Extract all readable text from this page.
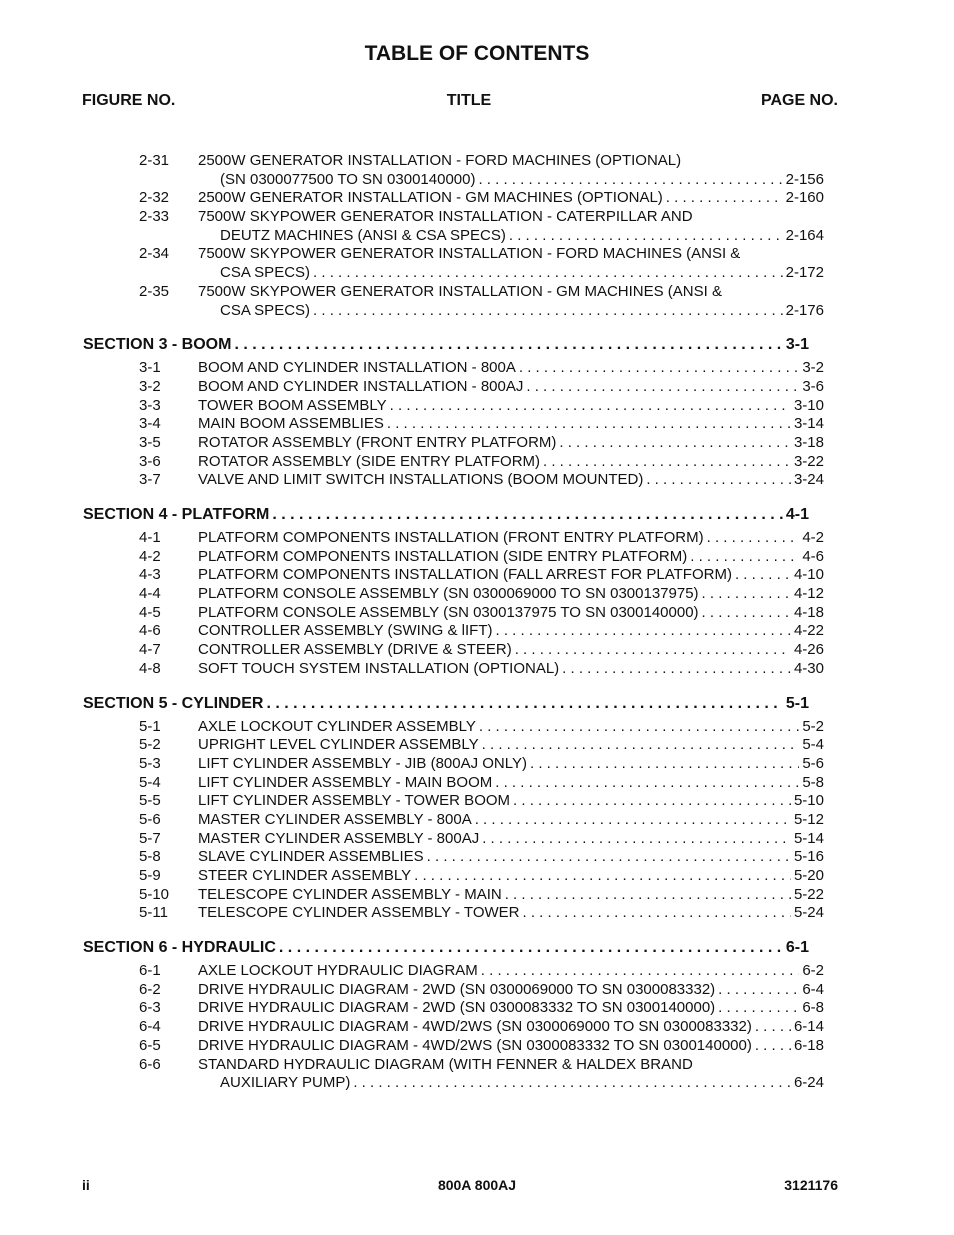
TABLE OF CONTENTS
FIGURE NO.	TITLE	PAGE NO.
2-31 2500W GENERATOR INSTALLATION - FORD MACHINES (OPTIONAL)
(SN 0300077500 TO SN 0300140000) . . .	2-156
2-32 2500W GENERATOR INSTALLATION - GM MACHINES (OPTIONAL) . . .	2-160
2-33 7500W SKYPOWER GENERATOR INSTALLATION - CATERPILLAR AND
DEUTZ MACHINES (ANSI & CSA SPECS) . . .	2-164
2-34 7500W SKYPOWER GENERATOR INSTALLATION - FORD MACHINES (ANSI &
CSA SPECS) . . .	2-172
2-35 7500W SKYPOWER GENERATOR INSTALLATION - GM MACHINES (ANSI &
CSA SPECS) . . .	2-176
SECTION 3 - BOOM . . .	3-1
3-1 BOOM AND CYLINDER INSTALLATION - 800A . . .	3-2
3-2 BOOM AND CYLINDER INSTALLATION - 800AJ . . .	3-6
3-3 TOWER BOOM ASSEMBLY . . .	3-10
3-4 MAIN BOOM ASSEMBLIES . . .	3-14
3-5 ROTATOR ASSEMBLY (FRONT ENTRY PLATFORM) . . .	3-18
3-6 ROTATOR ASSEMBLY (SIDE ENTRY PLATFORM) . . .	3-22
3-7 VALVE AND LIMIT SWITCH INSTALLATIONS (BOOM MOUNTED) . . .	3-24
SECTION 4 - PLATFORM . . .	4-1
4-1 PLATFORM COMPONENTS INSTALLATION (FRONT ENTRY PLATFORM) . . .	4-2
4-2 PLATFORM COMPONENTS INSTALLATION (SIDE ENTRY PLATFORM) . . .	4-6
4-3 PLATFORM COMPONENTS INSTALLATION (FALL ARREST FOR PLATFORM) . . .	4-10
4-4 PLATFORM CONSOLE ASSEMBLY (SN 0300069000 TO SN 0300137975) . . .	4-12
4-5 PLATFORM CONSOLE ASSEMBLY (SN 0300137975 TO SN 0300140000) . . .	4-18
4-6 CONTROLLER ASSEMBLY (SWING & lIFT) . . .	4-22
4-7 CONTROLLER ASSEMBLY (DRIVE & STEER) . . .	4-26
4-8 SOFT TOUCH SYSTEM INSTALLATION (OPTIONAL) . . .	4-30
SECTION 5 - CYLINDER . . .	5-1
5-1 AXLE LOCKOUT CYLINDER ASSEMBLY . . .	5-2
5-2 UPRIGHT LEVEL CYLINDER ASSEMBLY . . .	5-4
5-3 LIFT CYLINDER ASSEMBLY - JIB (800AJ ONLY) . . .	5-6
5-4 LIFT CYLINDER ASSEMBLY - MAIN BOOM . . .	5-8
5-5 LIFT CYLINDER ASSEMBLY - TOWER BOOM . . .	5-10
5-6 MASTER CYLINDER ASSEMBLY - 800A . . .	5-12
5-7 MASTER CYLINDER ASSEMBLY - 800AJ . . .	5-14
5-8 SLAVE CYLINDER ASSEMBLIES . . .	5-16
5-9 STEER CYLINDER ASSEMBLY . . .	5-20
5-10 TELESCOPE CYLINDER ASSEMBLY - MAIN . . .	5-22
5-11 TELESCOPE CYLINDER ASSEMBLY - TOWER . . .	5-24
SECTION 6 - HYDRAULIC . . .	6-1
6-1 AXLE LOCKOUT HYDRAULIC DIAGRAM . . .	6-2
6-2 DRIVE HYDRAULIC DIAGRAM - 2WD (SN 0300069000 TO SN 0300083332) . . .	6-4
6-3 DRIVE HYDRAULIC DIAGRAM - 2WD (SN 0300083332 TO SN 0300140000) . . .	6-8
6-4 DRIVE HYDRAULIC DIAGRAM - 4WD/2WS (SN 0300069000 TO SN 0300083332) . . .	6-14
6-5 DRIVE HYDRAULIC DIAGRAM - 4WD/2WS (SN 0300083332 TO SN 0300140000) . . .	6-18
6-6 STANDARD HYDRAULIC DIAGRAM (WITH FENNER & HALDEX BRAND
AUXILIARY PUMP) . . .	6-24
ii	800A 800AJ	3121176
